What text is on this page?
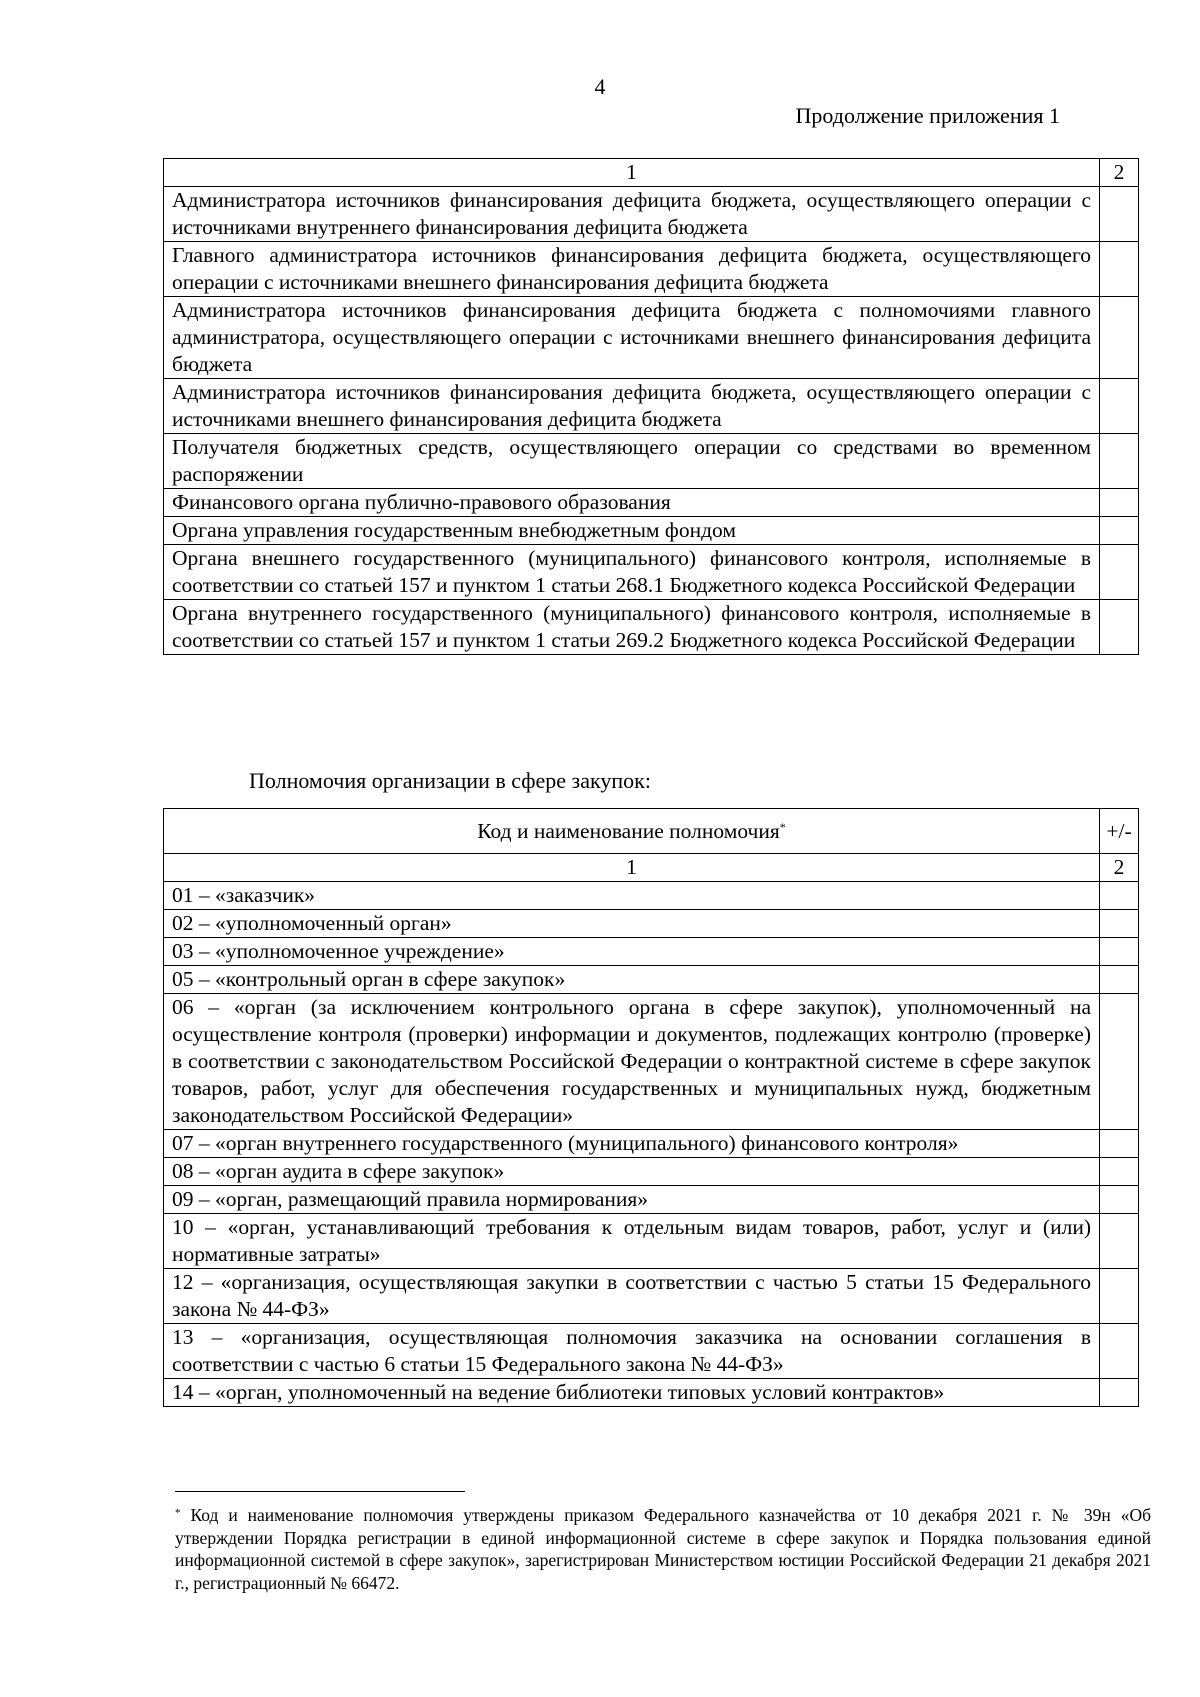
4
Продолжение приложения 1
1	2
Администратора источников финансирования дефицита бюджета, осуществляющего операции с источниками внутреннего финансирования дефицита бюджета	
Главного администратора источников финансирования дефицита бюджета, осуществляющего операции с источниками внешнего финансирования дефицита бюджета	
Администратора источников финансирования дефицита бюджета с полномочиями главного администратора, осуществляющего операции с источниками внешнего финансирования дефицита бюджета	
Администратора источников финансирования дефицита бюджета, осуществляющего операции с источниками внешнего финансирования дефицита бюджета	
Получателя бюджетных средств, осуществляющего операции со средствами во временном распоряжении	
Финансового органа публично-правового образования	
Органа управления государственным внебюджетным фондом	
Органа внешнего государственного (муниципального) финансового контроля, исполняемые в соответствии со статьей 157 и пунктом 1 статьи 268.1 Бюджетного кодекса Российской Федерации	
Органа внутреннего государственного (муниципального) финансового контроля, исполняемые в соответствии со статьей 157 и пунктом 1 статьи 269.2 Бюджетного кодекса Российской Федерации	
Полномочия организации в сфере закупок:
Код и наименование полномочия*	+/-
1	2
01 – «заказчик»	
02 – «уполномоченный орган»	
03 – «уполномоченное учреждение»	
05 – «контрольный орган в сфере закупок»	
06 – «орган (за исключением контрольного органа в сфере закупок), уполномоченный на осуществление контроля (проверки) информации и документов, подлежащих контролю (проверке) в соответствии с законодательством Российской Федерации о контрактной системе в сфере закупок товаров, работ, услуг для обеспечения государственных и муниципальных нужд, бюджетным законодательством Российской Федерации»	
07 – «орган внутреннего государственного (муниципального) финансового контроля»	
08 – «орган аудита в сфере закупок»	
09 – «орган, размещающий правила нормирования»	
10 – «орган, устанавливающий требования к отдельным видам товаров, работ, услуг и (или) нормативные затраты»	
12 – «организация, осуществляющая закупки в соответствии с частью 5 статьи 15 Федерального закона № 44-ФЗ»	
13 – «организация, осуществляющая полномочия заказчика на основании соглашения в соответствии с частью 6 статьи 15 Федерального закона № 44-ФЗ»	
14 – «орган, уполномоченный на ведение библиотеки типовых условий контрактов»	
* Код и наименование полномочия утверждены приказом Федерального казначейства от 10 декабря 2021 г. № 39н «Об утверждении Порядка регистрации в единой информационной системе в сфере закупок и Порядка пользования единой информационной системой в сфере закупок», зарегистрирован Министерством юстиции Российской Федерации 21 декабря 2021 г., регистрационный № 66472.
